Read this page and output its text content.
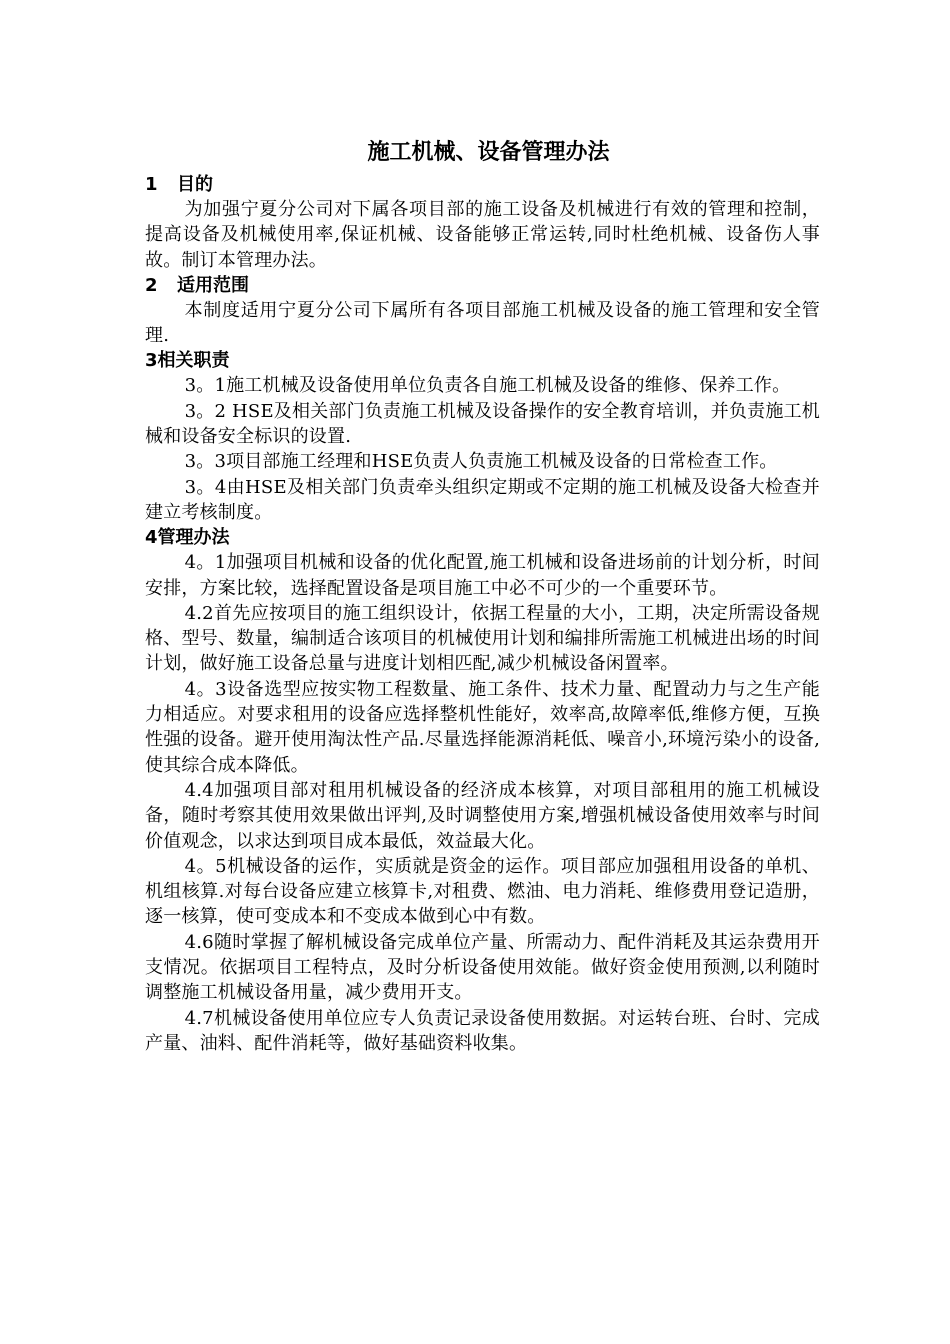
施工机械、设备管理办法
1 目的

为加强宁夏分公司对下属各项目部的施工设备及机械进行有效的管理和控制，提高设备及机械使用率,保证机械、设备能够正常运转,同时杜绝机械、设备伤人事故。制订本管理办法。

2 适用范围

本制度适用宁夏分公司下属所有各项目部施工机械及设备的施工管理和安全管理.

3相关职责

3。1施工机械及设备使用单位负责各自施工机械及设备的维修、保养工作。

3。2 HSE及相关部门负责施工机械及设备操作的安全教育培训，并负责施工机械和设备安全标识的设置.

3。3项目部施工经理和HSE负责人负责施工机械及设备的日常检查工作。

3。4由HSE及相关部门负责牵头组织定期或不定期的施工机械及设备大检查并建立考核制度。

4管理办法

4。1加强项目机械和设备的优化配置,施工机械和设备进场前的计划分析，时间安排，方案比较，选择配置设备是项目施工中必不可少的一个重要环节。

4.2首先应按项目的施工组织设计，依据工程量的大小，工期，决定所需设备规格、型号、数量，编制适合该项目的机械使用计划和编排所需施工机械进出场的时间计划，做好施工设备总量与进度计划相匹配,减少机械设备闲置率。

4。3设备选型应按实物工程数量、施工条件、技术力量、配置动力与之生产能力相适应。对要求租用的设备应选择整机性能好，效率高,故障率低,维修方便，互换性强的设备。避开使用淘汰性产品.尽量选择能源消耗低、噪音小,环境污染小的设备,使其综合成本降低。

4.4加强项目部对租用机械设备的经济成本核算，对项目部租用的施工机械设备，随时考察其使用效果做出评判,及时调整使用方案,增强机械设备使用效率与时间价值观念，以求达到项目成本最低，效益最大化。

4。5机械设备的运作，实质就是资金的运作。项目部应加强租用设备的单机、机组核算.对每台设备应建立核算卡,对租费、燃油、电力消耗、维修费用登记造册，逐一核算，使可变成本和不变成本做到心中有数。

4.6随时掌握了解机械设备完成单位产量、所需动力、配件消耗及其运杂费用开支情况。依据项目工程特点，及时分析设备使用效能。做好资金使用预测,以利随时调整施工机械设备用量，减少费用开支。

4.7机械设备使用单位应专人负责记录设备使用数据。对运转台班、台时、完成产量、油料、配件消耗等，做好基础资料收集。
